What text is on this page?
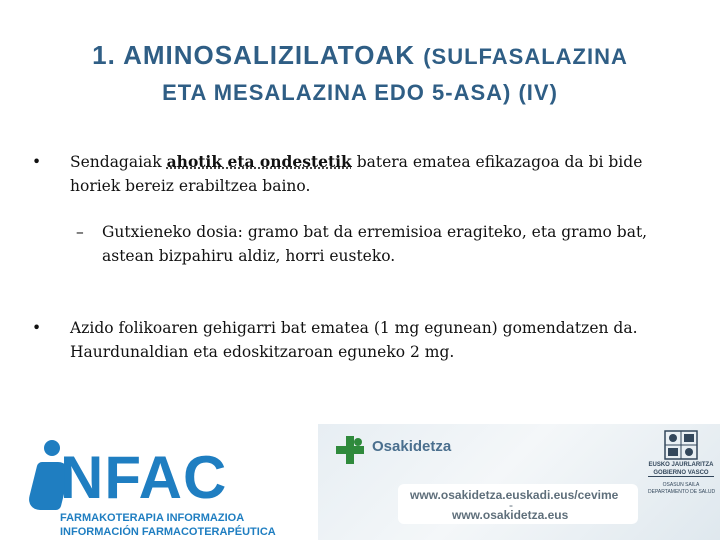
1. AMINOSALIZILATOAK (SULFASALAZINA
ETA MESALAZINA EDO 5-ASA) (IV)
• Sendagaiak ahotik eta ondestetik batera ematea efikazagoa da bi bide horiek bereiz erabiltzea baino.
– Gutxieneko dosia: gramo bat da erremisioa eragiteko, eta gramo bat, astean bizpahiru aldiz, horri eusteko.
• Azido folikoaren gehigarri bat ematea (1 mg egunean) gomendatzen da. Haurdunaldian eta edoskitzaroan eguneko 2 mg.
NFAC
FARMAKOTERAPIA INFORMAZIOA
INFORMACIÓN FARMACOTERAPÉUTICA
Osakidetza
www.osakidetza.euskadi.eus/cevime
-
www.osakidetza.eus
EUSKO JAURLARITZA
GOBIERNO VASCO
OSASUN SAILA
DEPARTAMENTO DE SALUD
